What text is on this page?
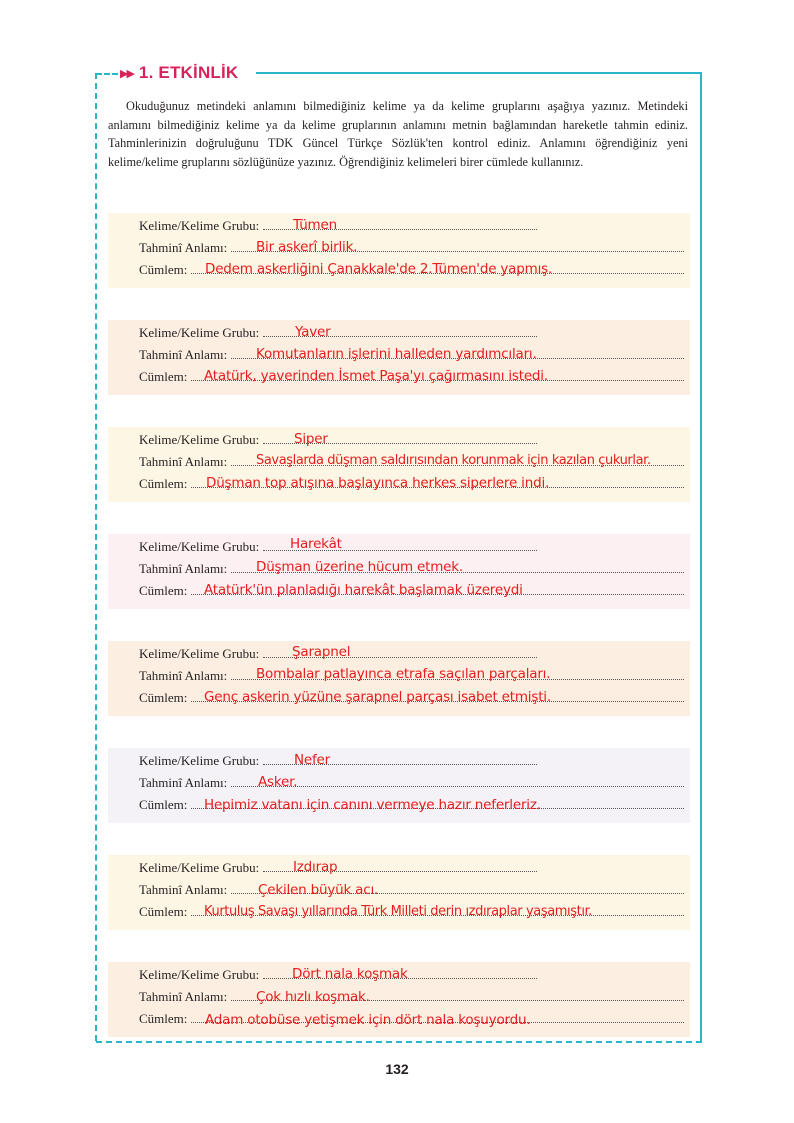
▶▶ 1. ETKİNLİK
Okuduğunuz metindeki anlamını bilmediğiniz kelime ya da kelime gruplarını aşağıya yazınız. Metindeki anlamını bilmediğiniz kelime ya da kelime gruplarının anlamını metnin bağlamından hareketle tahmin ediniz. Tahminlerinizin doğruluğunu TDK Güncel Türkçe Sözlük'ten kontrol ediniz. Anlamını öğrendiğiniz yeni kelime/kelime gruplarını sözlüğünüze yazınız. Öğrendiğiniz kelimeleri birer cümlede kullanınız.
Kelime/Kelime Grubu:
Tahminî Anlamı:
Cümlem:
Tümen
Bir askerî birlik.
Dedem askerliğini Çanakkale'de 2.Tümen'de yapmış.
Kelime/Kelime Grubu:
Tahminî Anlamı:
Cümlem:
Yaver
Komutanların işlerini halleden yardımcıları.
Atatürk, yaverinden İsmet Paşa'yı çağırmasını istedi.
Kelime/Kelime Grubu:
Tahminî Anlamı:
Cümlem:
Siper
Savaşlarda düşman saldırısından korunmak için kazılan çukurlar.
Düşman top atışına başlayınca herkes siperlere indi.
Kelime/Kelime Grubu:
Tahminî Anlamı:
Cümlem:
Harekât
Düşman üzerine hücum etmek.
Atatürk'ün planladığı harekât başlamak üzereydi
Kelime/Kelime Grubu:
Tahminî Anlamı:
Cümlem:
Şarapnel
Bombalar patlayınca etrafa saçılan parçaları.
Genç askerin yüzüne şarapnel parçası isabet etmişti.
Kelime/Kelime Grubu:
Tahminî Anlamı:
Cümlem:
Nefer
Asker.
Hepimiz vatanı için canını vermeye hazır neferleriz.
Kelime/Kelime Grubu:
Tahminî Anlamı:
Cümlem:
Izdırap
Çekilen büyük acı.
Kurtuluş Savaşı yıllarında Türk Milleti derin ızdıraplar yaşamıştır.
Kelime/Kelime Grubu:
Tahminî Anlamı:
Cümlem:
Dört nala koşmak
Çok hızlı koşmak.
Adam otobüse yetişmek için dört nala koşuyordu.
132
